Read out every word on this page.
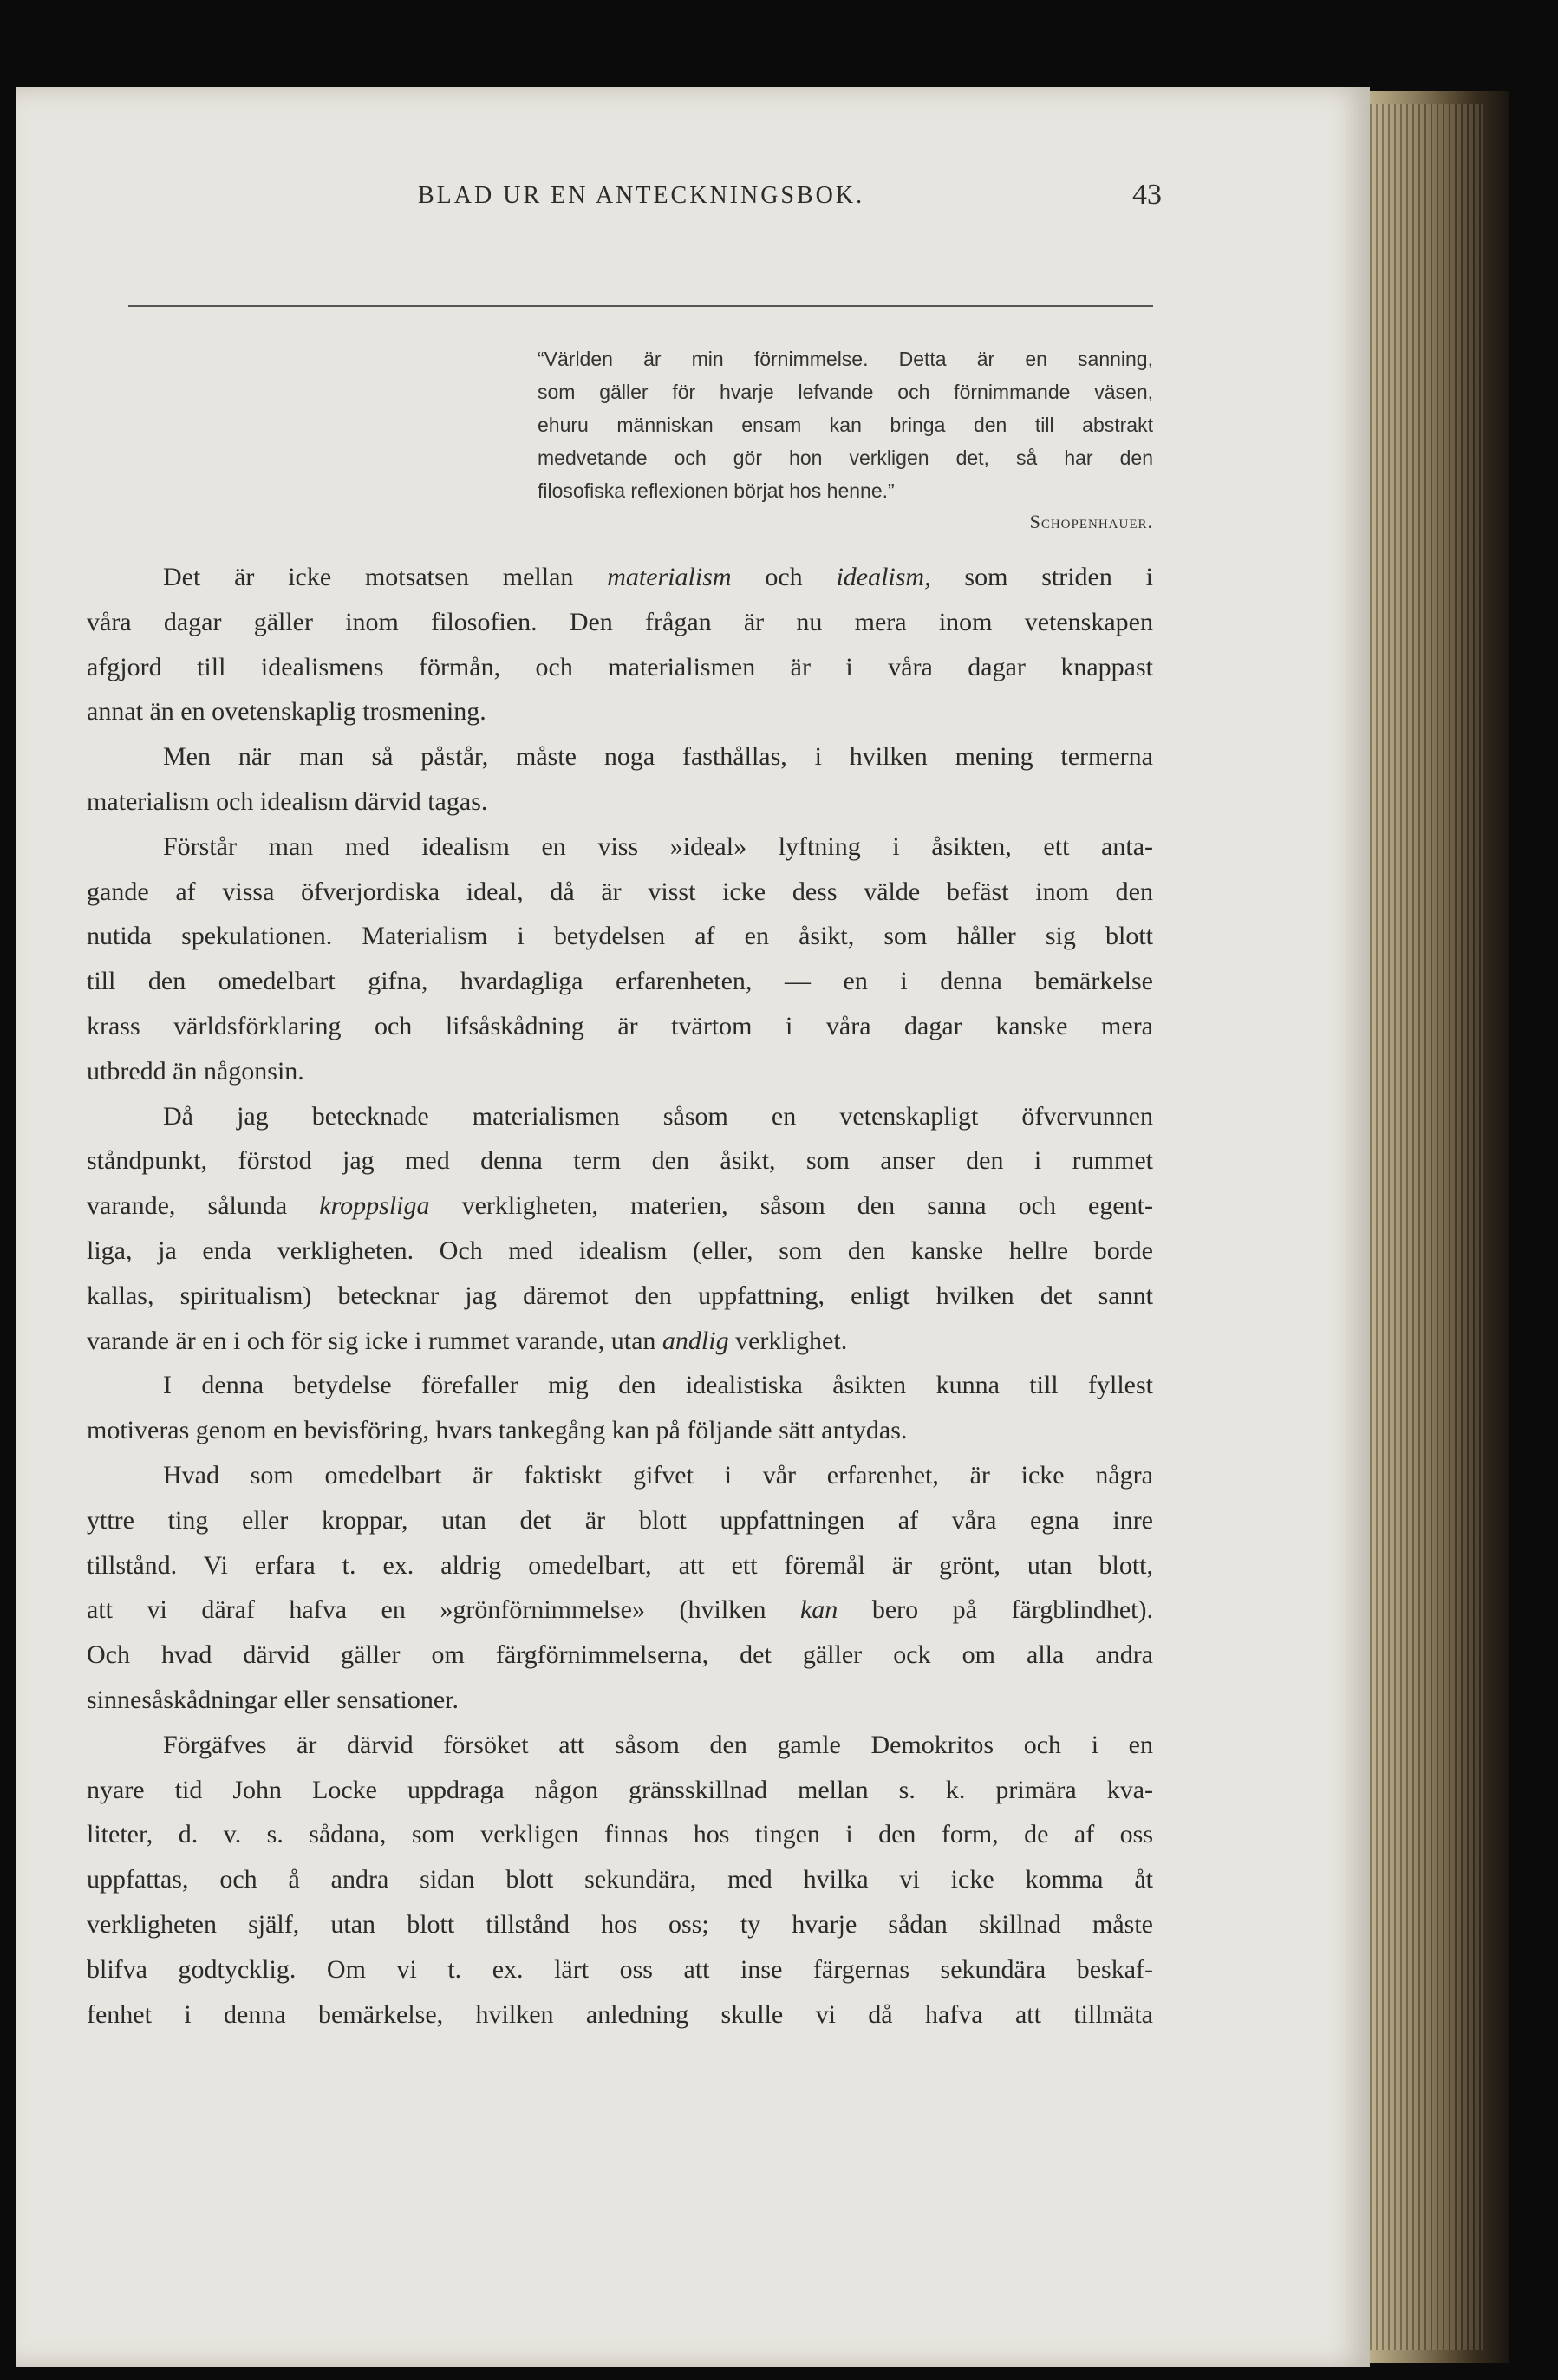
BLAD UR EN ANTECKNINGSBOK.	43
“Världen är min förnimmelse. Detta är en sanning,
som gäller för hvarje lefvande och förnimmande väsen,
ehuru människan ensam kan bringa den till abstrakt
medvetande och gör hon verkligen det, så har den
filosofiska reflexionen börjat hos henne.”
Schopenhauer.
Det är icke motsatsen mellan materialism och idealism, som striden i
våra dagar gäller inom filosofien. Den frågan är nu mera inom vetenskapen
afgjord till idealismens förmån, och materialismen är i våra dagar knappast
annat än en ovetenskaplig trosmening.
Men när man så påstår, måste noga fasthållas, i hvilken mening termerna
materialism och idealism därvid tagas.
Förstår man med idealism en viss »ideal» lyftning i åsikten, ett anta-
gande af vissa öfverjordiska ideal, då är visst icke dess välde befäst inom den
nutida spekulationen. Materialism i betydelsen af en åsikt, som håller sig blott
till den omedelbart gifna, hvardagliga erfarenheten, — en i denna bemärkelse
krass världsförklaring och lifsåskådning är tvärtom i våra dagar kanske mera
utbredd än någonsin.
Då jag betecknade materialismen såsom en vetenskapligt öfvervunnen
ståndpunkt, förstod jag med denna term den åsikt, som anser den i rummet
varande, sålunda kroppsliga verkligheten, materien, såsom den sanna och egent-
liga, ja enda verkligheten. Och med idealism (eller, som den kanske hellre borde
kallas, spiritualism) betecknar jag däremot den uppfattning, enligt hvilken det sannt
varande är en i och för sig icke i rummet varande, utan andlig verklighet.
I denna betydelse förefaller mig den idealistiska åsikten kunna till fyllest
motiveras genom en bevisföring, hvars tankegång kan på följande sätt antydas.
Hvad som omedelbart är faktiskt gifvet i vår erfarenhet, är icke några
yttre ting eller kroppar, utan det är blott uppfattningen af våra egna inre
tillstånd. Vi erfara t. ex. aldrig omedelbart, att ett föremål är grönt, utan blott,
att vi däraf hafva en »grönförnimmelse» (hvilken kan bero på färgblindhet).
Och hvad därvid gäller om färgförnimmelserna, det gäller ock om alla andra
sinnesåskådningar eller sensationer.
Förgäfves är därvid försöket att såsom den gamle Demokritos och i en
nyare tid John Locke uppdraga någon gränsskillnad mellan s. k. primära kva-
liteter, d. v. s. sådana, som verkligen finnas hos tingen i den form, de af oss
uppfattas, och å andra sidan blott sekundära, med hvilka vi icke komma åt
verkligheten själf, utan blott tillstånd hos oss; ty hvarje sådan skillnad måste
blifva godtycklig. Om vi t. ex. lärt oss att inse färgernas sekundära beskaf-
fenhet i denna bemärkelse, hvilken anledning skulle vi då hafva att tillmäta
